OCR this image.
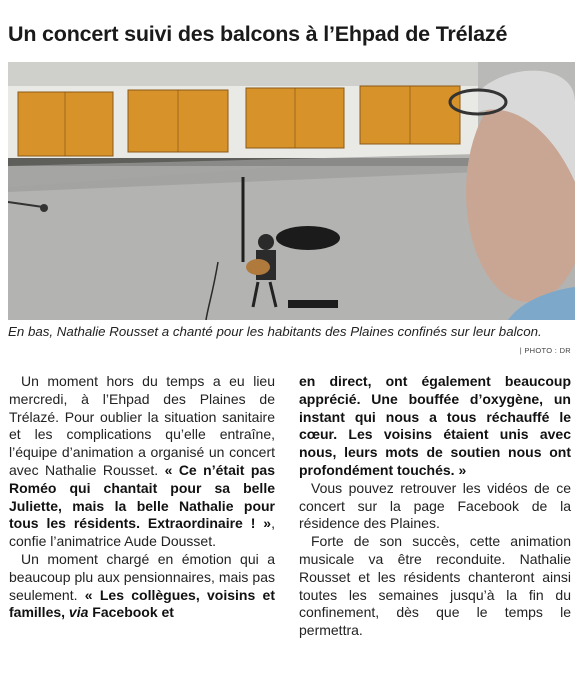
Un concert suivi des balcons à l’Ehpad de Trélazé
En bas, Nathalie Rousset a chanté pour les habitants des Plaines confinés sur leur balcon.
| PHOTO : DR

Un moment hors du temps a eu lieu mercredi, à l’Ehpad des Plaines de Trélazé. Pour oublier la situation sanitaire et les complications qu’elle entraîne, l’équipe d’animation a organisé un concert avec Nathalie Rousset. « Ce n’était pas Roméo qui chantait pour sa belle Juliette, mais la belle Nathalie pour tous les résidents. Extraordinaire ! », confie l’animatrice Aude Dousset.

Un moment chargé en émotion qui a beaucoup plu aux pensionnaires, mais pas seulement. « Les collègues, voisins et familles, via Facebook et

en direct, ont également beaucoup apprécié. Une bouffée d’oxygène, un instant qui nous a tous réchauffé le cœur. Les voisins étaient unis avec nous, leurs mots de soutien nous ont profondément touchés. »

Vous pouvez retrouver les vidéos de ce concert sur la page Facebook de la résidence des Plaines.

Forte de son succès, cette animation musicale va être reconduite. Nathalie Rousset et les résidents chanteront ainsi toutes les semaines jusqu’à la fin du confinement, dès que le temps le permettra.
